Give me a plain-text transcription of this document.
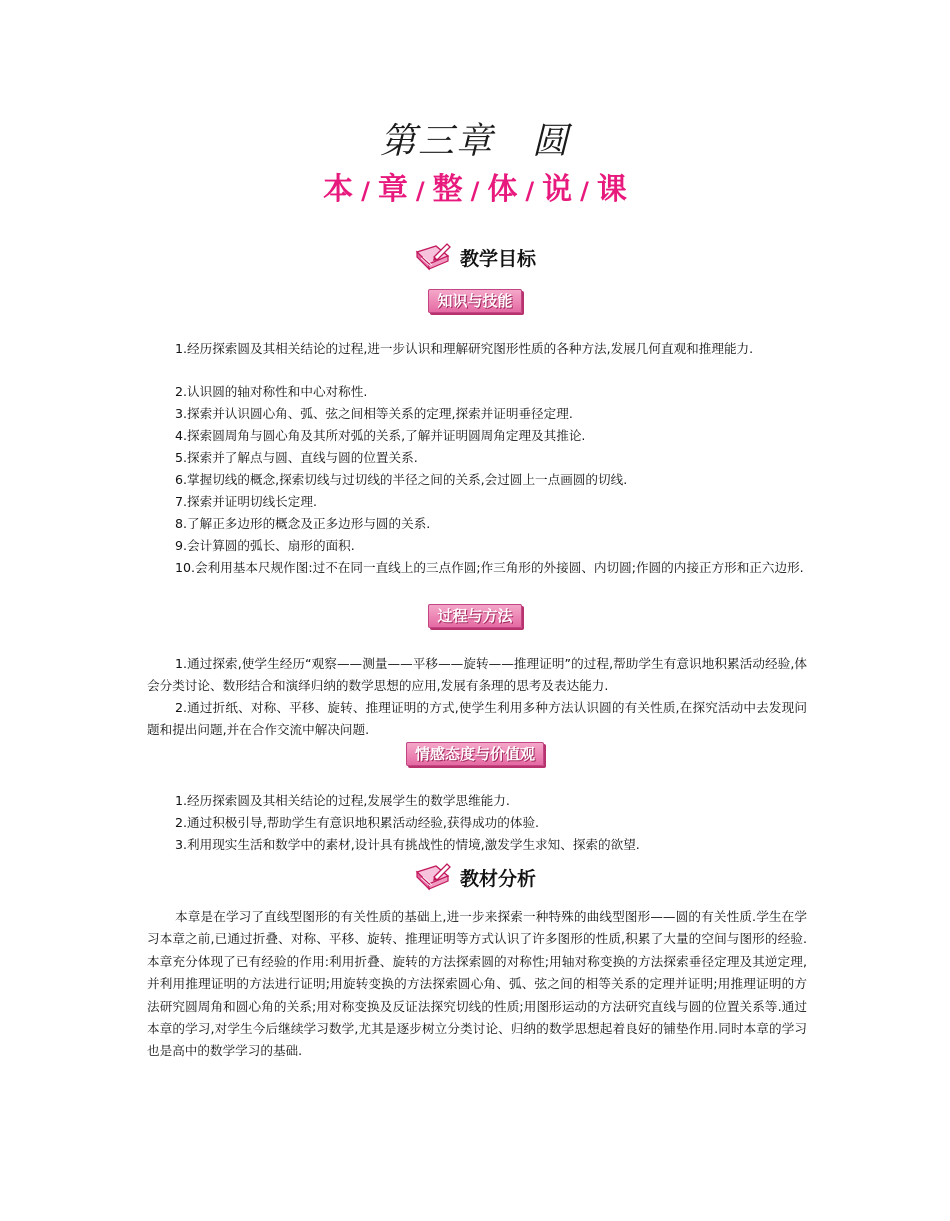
第三章　圆
本 / 章 / 整 / 体 / 说 / 课
教学目标
知识与技能
1.经历探索圆及其相关结论的过程,进一步认识和理解研究图形性质的各种方法,发展几何直观和推理能力.
2.认识圆的轴对称性和中心对称性.
3.探索并认识圆心角、弧、弦之间相等关系的定理,探索并证明垂径定理.
4.探索圆周角与圆心角及其所对弧的关系,了解并证明圆周角定理及其推论.
5.探索并了解点与圆、直线与圆的位置关系.
6.掌握切线的概念,探索切线与过切线的半径之间的关系,会过圆上一点画圆的切线.
7.探索并证明切线长定理.
8.了解正多边形的概念及正多边形与圆的关系.
9.会计算圆的弧长、扇形的面积.
10.会利用基本尺规作图:过不在同一直线上的三点作圆;作三角形的外接圆、内切圆;作圆的内接正方形和正六边形.
过程与方法
1.通过探索,使学生经历“观察——测量——平移——旋转——推理证明”的过程,帮助学生有意识地积累活动经验,体会分类讨论、数形结合和演绎归纳的数学思想的应用,发展有条理的思考及表达能力.
2.通过折纸、对称、平移、旋转、推理证明的方式,使学生利用多种方法认识圆的有关性质,在探究活动中去发现问题和提出问题,并在合作交流中解决问题.
情感态度与价值观
1.经历探索圆及其相关结论的过程,发展学生的数学思维能力.
2.通过积极引导,帮助学生有意识地积累活动经验,获得成功的体验.
3.利用现实生活和数学中的素材,设计具有挑战性的情境,激发学生求知、探索的欲望.
教材分析
本章是在学习了直线型图形的有关性质的基础上,进一步来探索一种特殊的曲线型图形——圆的有关性质.学生在学习本章之前,已通过折叠、对称、平移、旋转、推理证明等方式认识了许多图形的性质,积累了大量的空间与图形的经验.本章充分体现了已有经验的作用:利用折叠、旋转的方法探索圆的对称性;用轴对称变换的方法探索垂径定理及其逆定理,并利用推理证明的方法进行证明;用旋转变换的方法探索圆心角、弧、弦之间的相等关系的定理并证明;用推理证明的方法研究圆周角和圆心角的关系;用对称变换及反证法探究切线的性质;用图形运动的方法研究直线与圆的位置关系等.通过本章的学习,对学生今后继续学习数学,尤其是逐步树立分类讨论、归纳的数学思想起着良好的铺垫作用.同时本章的学习也是高中的数学学习的基础.
